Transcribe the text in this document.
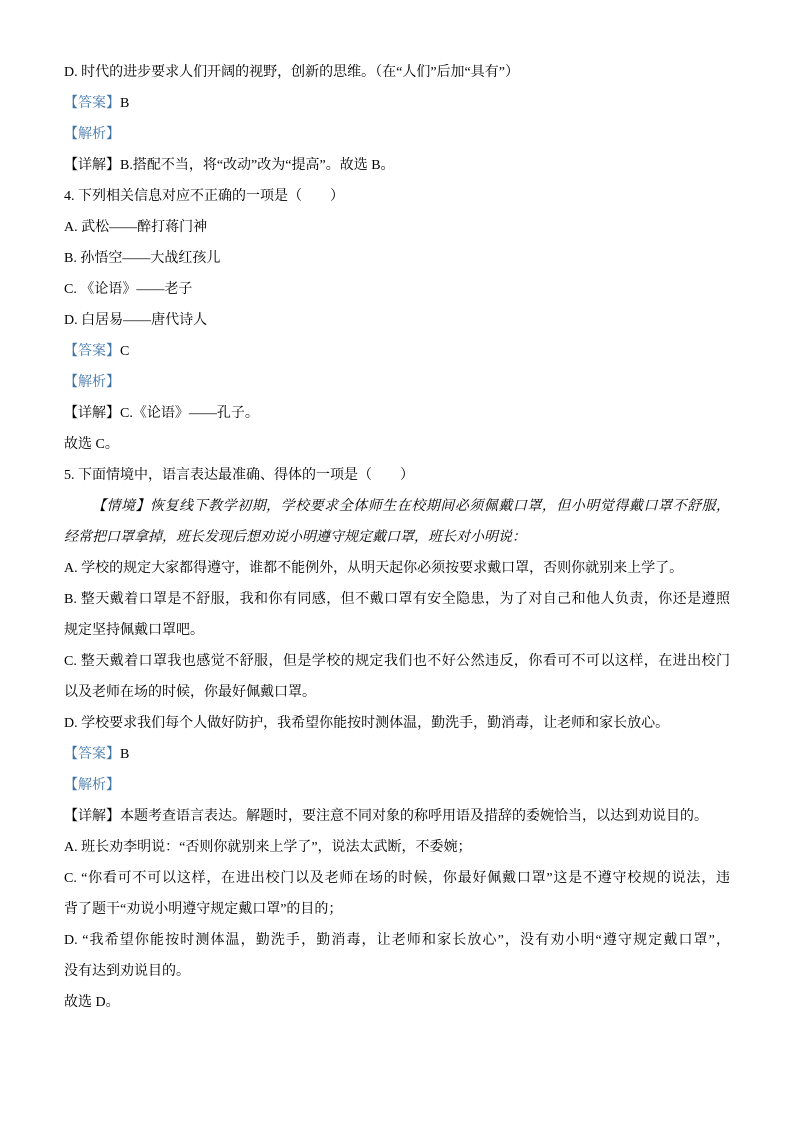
D. 时代的进步要求人们开阔的视野，创新的思维。（在“人们”后加“具有”）
【答案】B
【解析】
【详解】B.搭配不当，将“改动”改为“提高”。故选 B。
4. 下列相关信息对应不正确的一项是（　　）
A. 武松——醉打蒋门神
B. 孙悟空——大战红孩儿
C. 《论语》——老子
D. 白居易——唐代诗人
【答案】C
【解析】
【详解】C.《论语》——孔子。
故选 C。
5. 下面情境中，语言表达最准确、得体的一项是（　　）
【情境】恢复线下教学初期，学校要求全体师生在校期间必须佩戴口罩，但小明觉得戴口罩不舒服，
经常把口罩拿掉，班长发现后想劝说小明遵守规定戴口罩，班长对小明说：
A. 学校的规定大家都得遵守，谁都不能例外，从明天起你必须按要求戴口罩，否则你就别来上学了。
B. 整天戴着口罩是不舒服，我和你有同感，但不戴口罩有安全隐患，为了对自己和他人负责，你还是遵照
规定坚持佩戴口罩吧。
C. 整天戴着口罩我也感觉不舒服，但是学校的规定我们也不好公然违反，你看可不可以这样，在进出校门
以及老师在场的时候，你最好佩戴口罩。
D. 学校要求我们每个人做好防护，我希望你能按时测体温，勤洗手，勤消毒，让老师和家长放心。
【答案】B
【解析】
【详解】本题考查语言表达。解题时，要注意不同对象的称呼用语及措辞的委婉恰当，以达到劝说目的。
A. 班长劝李明说：“否则你就别来上学了”，说法太武断，不委婉；
C. “你看可不可以这样，在进出校门以及老师在场的时候，你最好佩戴口罩”这是不遵守校规的说法，违
背了题干“劝说小明遵守规定戴口罩”的目的；
D. “我希望你能按时测体温，勤洗手，勤消毒，让老师和家长放心”，没有劝小明“遵守规定戴口罩”，
没有达到劝说目的。
故选 D。
